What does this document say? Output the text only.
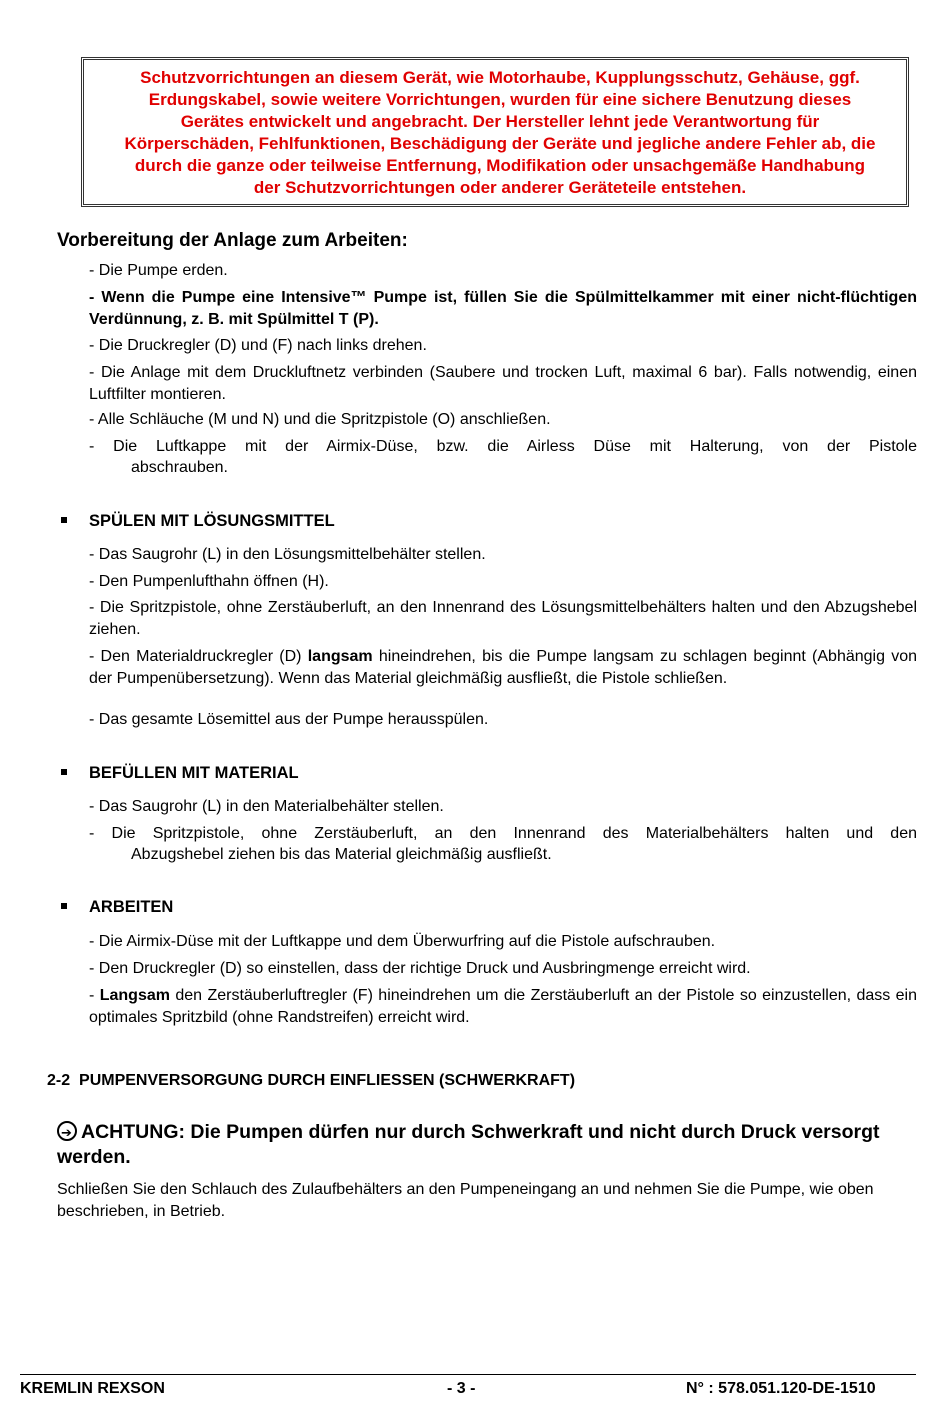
Schutzvorrichtungen an diesem Gerät, wie Motorhaube, Kupplungsschutz, Gehäuse, ggf.
Erdungskabel, sowie weitere Vorrichtungen, wurden für eine sichere Benutzung dieses
Gerätes entwickelt und angebracht. Der Hersteller lehnt jede Verantwortung für
Körperschäden, Fehlfunktionen, Beschädigung der Geräte und jegliche andere Fehler ab, die
durch die ganze oder teilweise Entfernung, Modifikation oder unsachgemäße Handhabung
der Schutzvorrichtungen oder anderer Geräteteile entstehen.
Vorbereitung der Anlage zum Arbeiten:
- Die Pumpe erden.
- Wenn die Pumpe eine Intensive™ Pumpe ist, füllen Sie die Spülmittelkammer mit einer nicht-flüchtigen Verdünnung, z. B. mit Spülmittel T (P).
- Die Druckregler (D) und (F) nach links drehen.
- Die Anlage mit dem Druckluftnetz verbinden (Saubere und trocken Luft, maximal 6 bar). Falls notwendig, einen Luftfilter montieren.
- Alle Schläuche (M und N) und die Spritzpistole (O) anschließen.
- Die Luftkappe mit der Airmix-Düse, bzw. die Airless Düse mit Halterung, von der Pistole
abschrauben.
SPÜLEN MIT LÖSUNGSMITTEL
- Das Saugrohr (L) in den Lösungsmittelbehälter stellen.
- Den Pumpenlufthahn öffnen (H).
- Die Spritzpistole, ohne Zerstäuberluft, an den Innenrand des Lösungsmittelbehälters halten und den Abzugshebel ziehen.
- Den Materialdruckregler (D) langsam hineindrehen, bis die Pumpe langsam zu schlagen beginnt (Abhängig von der Pumpenübersetzung). Wenn das Material gleichmäßig ausfließt, die Pistole schließen.
- Das gesamte Lösemittel aus der Pumpe herausspülen.
BEFÜLLEN MIT MATERIAL
- Das Saugrohr (L) in den Materialbehälter stellen.
- Die Spritzpistole, ohne Zerstäuberluft, an den Innenrand des Materialbehälters halten und den
Abzugshebel ziehen bis das Material gleichmäßig ausfließt.
ARBEITEN
- Die Airmix-Düse mit der Luftkappe und dem Überwurfring auf die Pistole aufschrauben.
- Den Druckregler (D) so einstellen, dass der richtige Druck und Ausbringmenge erreicht wird.
- Langsam den Zerstäuberluftregler (F) hineindrehen um die Zerstäuberluft an der Pistole so einzustellen, dass ein optimales Spritzbild (ohne Randstreifen) erreicht wird.
2-2 PUMPENVERSORGUNG DURCH EINFLIESSEN (SCHWERKRAFT)
➔ACHTUNG: Die Pumpen dürfen nur durch Schwerkraft und nicht durch Druck versorgt werden.
Schließen Sie den Schlauch des Zulaufbehälters an den Pumpeneingang an und nehmen Sie die Pumpe, wie oben beschrieben, in Betrieb.
KREMLIN REXSON	- 3 -	N° : 578.051.120-DE-1510
